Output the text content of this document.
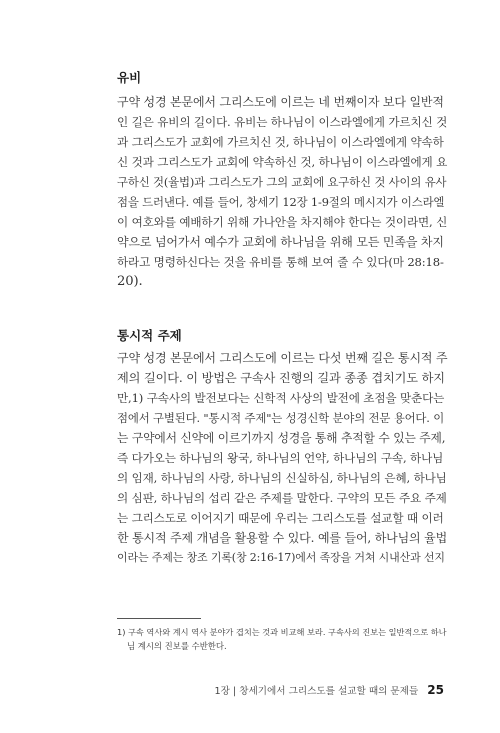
유비
구약 성경 본문에서 그리스도에 이르는 네 번째이자 보다 일반적
인 길은 유비의 길이다. 유비는 하나님이 이스라엘에게 가르치신 것
과 그리스도가 교회에 가르치신 것, 하나님이 이스라엘에게 약속하
신 것과 그리스도가 교회에 약속하신 것, 하나님이 이스라엘에게 요
구하신 것(율법)과 그리스도가 그의 교회에 요구하신 것 사이의 유사
점을 드러낸다. 예를 들어, 창세기 12장 1-9절의 메시지가 이스라엘
이 여호와를 예배하기 위해 가나안을 차지해야 한다는 것이라면, 신
약으로 넘어가서 예수가 교회에 하나님을 위해 모든 민족을 차지
하라고 명령하신다는 것을 유비를 통해 보여 줄 수 있다(마 28:18-
20).
통시적 주제
구약 성경 본문에서 그리스도에 이르는 다섯 번째 길은 통시적 주
제의 길이다. 이 방법은 구속사 진행의 길과 종종 겹치기도 하지
만,1) 구속사의 발전보다는 신학적 사상의 발전에 초점을 맞춘다는
점에서 구별된다. "통시적 주제"는 성경신학 분야의 전문 용어다. 이
는 구약에서 신약에 이르기까지 성경을 통해 추적할 수 있는 주제,
즉 다가오는 하나님의 왕국, 하나님의 언약, 하나님의 구속, 하나님
의 임재, 하나님의 사랑, 하나님의 신실하심, 하나님의 은혜, 하나님
의 심판, 하나님의 섭리 같은 주제를 말한다. 구약의 모든 주요 주제
는 그리스도로 이어지기 때문에 우리는 그리스도를 설교할 때 이러
한 통시적 주제 개념을 활용할 수 있다. 예를 들어, 하나님의 율법
이라는 주제는 창조 기록(창 2:16-17)에서 족장을 거쳐 시내산과 선지
1) 구속 역사와 계시 역사 분야가 겹치는 것과 비교해 보라. 구속사의 진보는 일반적으로 하나
님 계시의 진보를 수반한다.
1장 | 창세기에서 그리스도를 설교할 때의 문제들 25
